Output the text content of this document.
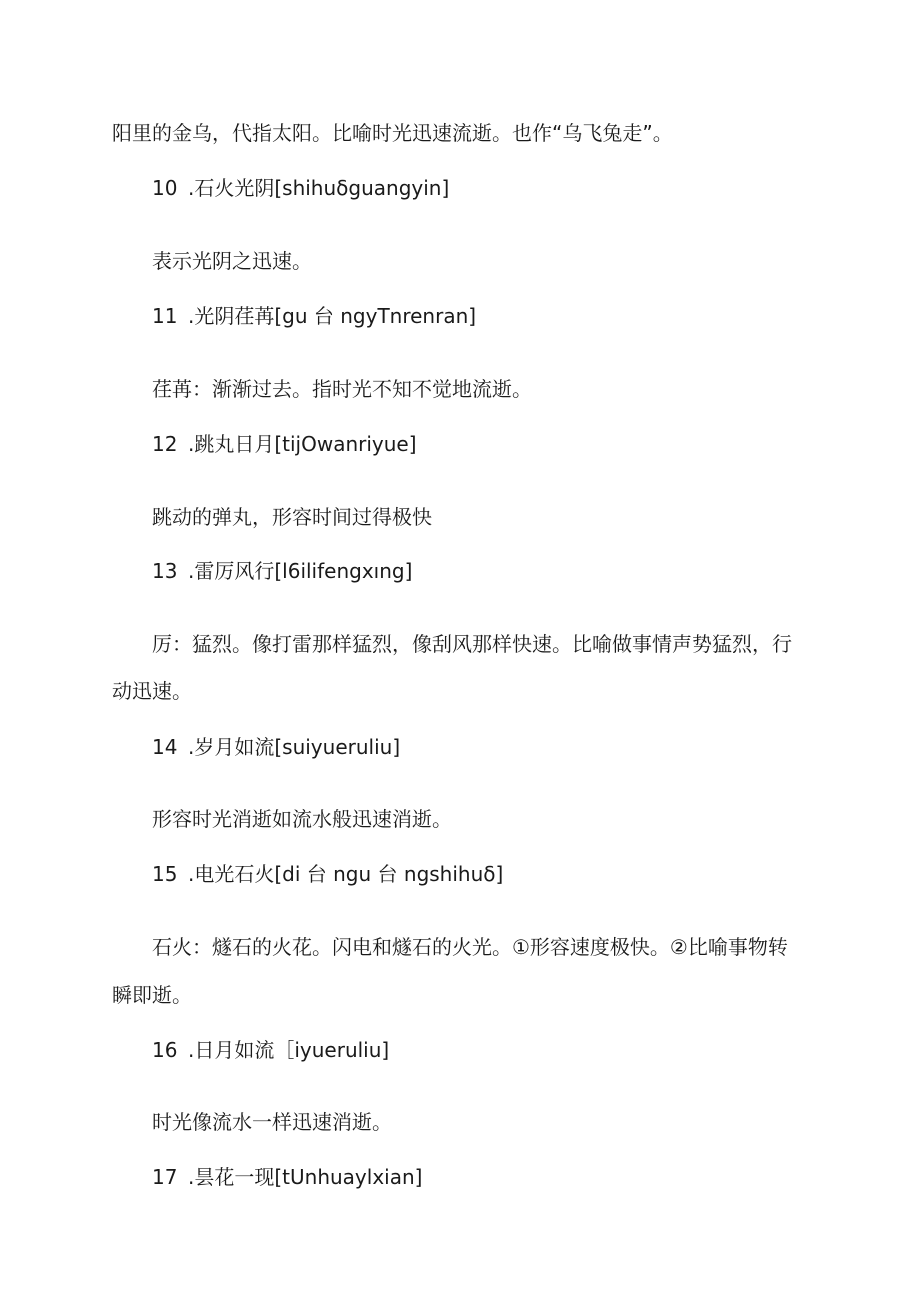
阳里的金乌，代指太阳。比喻时光迅速流逝。也作“乌飞兔走”。
10 .石火光阴[shihuδguangyin]
表示光阴之迅速。
11 .光阴荏苒[gu 台 ngyTnrenran]
荏苒：渐渐过去。指时光不知不觉地流逝。
12 .跳丸日月[tijOwanriyue]
跳动的弹丸，形容时间过得极快
13 .雷厉风行[l6ilifengxıng]
厉：猛烈。像打雷那样猛烈，像刮风那样快速。比喻做事情声势猛烈，行
动迅速。
14 .岁月如流[suiyueruliu]
形容时光消逝如流水般迅速消逝。
15 .电光石火[di 台 ngu 台 ngshihuδ]
石火：燧石的火花。闪电和燧石的火光。①形容速度极快。②比喻事物转
瞬即逝。
16 .日月如流［iyueruliu]
时光像流水一样迅速消逝。
17 .昙花一现[tUnhuaylxian]
